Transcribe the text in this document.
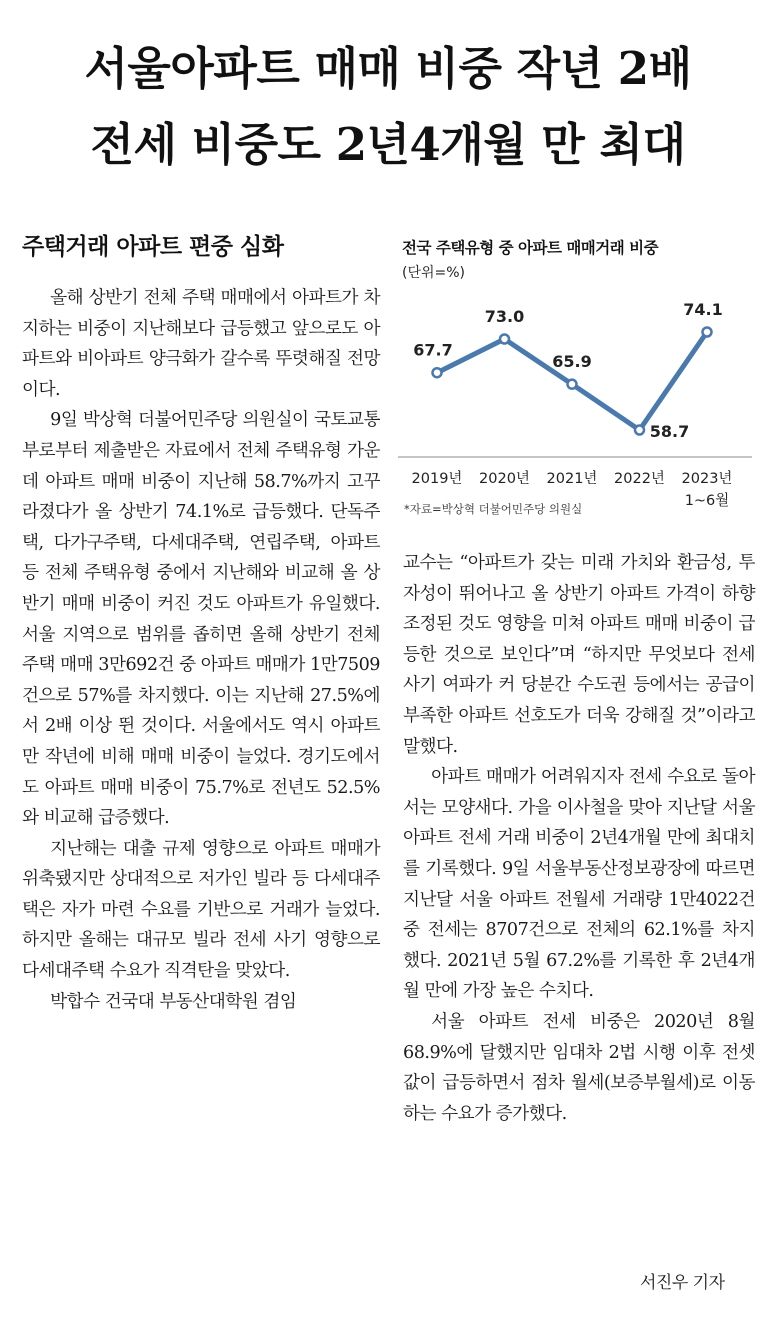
서울아파트 매매 비중 작년 2배
전세 비중도 2년4개월 만 최대
주택거래 아파트 편중 심화	전국 주택유형 중 아파트 매매거래 비중
(단위=%)
67.7
73.0
65.9
58.7
74.1
2019년 2020년 2021년 2022년 2023년
1~6월
*자료=박상혁 더불어민주당 의원실

올해 상반기 전체 주택 매매에서 아파트가 차지하는 비중이 지난해보다 급등했고 앞으로도 아파트와 비아파트 양극화가 갈수록 뚜렷해질 전망이다.

9일 박상혁 더불어민주당 의원실이 국토교통부로부터 제출받은 자료에서 전체 주택유형 가운데 아파트 매매 비중이 지난해 58.7%까지 고꾸라졌다가 올 상반기 74.1%로 급등했다. 단독주택, 다가구주택, 다세대주택, 연립주택, 아파트 등 전체 주택유형 중에서 지난해와 비교해 올 상반기 매매 비중이 커진 것도 아파트가 유일했다. 서울 지역으로 범위를 좁히면 올해 상반기 전체 주택 매매 3만692건 중 아파트 매매가 1만7509건으로 57%를 차지했다. 이는 지난해 27.5%에서 2배 이상 뛴 것이다. 서울에서도 역시 아파트만 작년에 비해 매매 비중이 늘었다. 경기도에서도 아파트 매매 비중이 75.7%로 전년도 52.5%와 비교해 급증했다.

지난해는 대출 규제 영향으로 아파트 매매가 위축됐지만 상대적으로 저가인 빌라 등 다세대주택은 자가 마련 수요를 기반으로 거래가 늘었다. 하지만 올해는 대규모 빌라 전세 사기 영향으로 다세대주택 수요가 직격탄을 맞았다.

박합수 건국대 부동산대학원 겸임

교수는 “아파트가 갖는 미래 가치와 환금성, 투자성이 뛰어나고 올 상반기 아파트 가격이 하향 조정된 것도 영향을 미쳐 아파트 매매 비중이 급등한 것으로 보인다”며 “하지만 무엇보다 전세 사기 여파가 커 당분간 수도권 등에서는 공급이 부족한 아파트 선호도가 더욱 강해질 것”이라고 말했다.

아파트 매매가 어려워지자 전세 수요로 돌아서는 모양새다. 가을 이사철을 맞아 지난달 서울 아파트 전세 거래 비중이 2년4개월 만에 최대치를 기록했다. 9일 서울부동산정보광장에 따르면 지난달 서울 아파트 전월세 거래량 1만4022건 중 전세는 8707건으로 전체의 62.1%를 차지했다. 2021년 5월 67.2%를 기록한 후 2년4개월 만에 가장 높은 수치다.

서울 아파트 전세 비중은 2020년 8월 68.9%에 달했지만 임대차 2법 시행 이후 전셋값이 급등하면서 점차 월세(보증부월세)로 이동하는 수요가 증가했다.

서진우 기자
